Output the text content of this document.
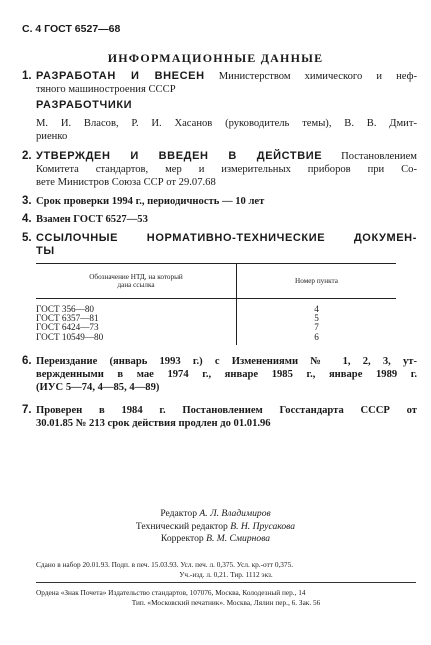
С. 4 ГОСТ 6527—68
ИНФОРМАЦИОННЫЕ ДАННЫЕ
1. РАЗРАБОТАН И ВНЕСЕН Министерством химического и неф-
тяного машиностроения СССР
РАЗРАБОТЧИКИ
М. И. Власов, Р. И. Хасанов (руководитель темы), В. В. Дмит-
риенко
2. УТВЕРЖДЕН И ВВЕДЕН В ДЕЙСТВИЕ Постановлением
Комитета стандартов, мер и измерительных приборов при Со-
вете Министров Союза ССР от 29.07.68
3. Срок проверки 1994 г., периодичность — 10 лет
4. Взамен ГОСТ 6527—53
5. ССЫЛОЧНЫЕ НОРМАТИВНО-ТЕХНИЧЕСКИЕ ДОКУМЕН-
ТЫ
Обозначение НТД, на который
дана ссылка	Номер пункта
ГОСТ 356—80	4
ГОСТ 6357—81	5
ГОСТ 6424—73	7
ГОСТ 10549—80	6
6. Переиздание (январь 1993 г.) с Изменениями № 1, 2, 3, ут-
вержденными в мае 1974 г., январе 1985 г., январе 1989 г.
(ИУС 5—74, 4—85, 4—89)
7. Проверен в 1984 г. Постановлением Госстандарта СССР от
30.01.85 № 213 срок действия продлен до 01.01.96
Редактор А. Л. Владимиров
Технический редактор В. Н. Прусакова
Корректор В. М. Смирнова
Сдано в набор 20.01.93. Подп. в печ. 15.03.93. Усл. печ. л. 0,375. Усл. кр.-отт 0,375.
Уч.-изд. л. 0,21. Тир. 1112 экз.
Ордена «Знак Почета» Издательство стандартов, 107076, Москва, Колодезный пер., 14
Тип. «Московский печатник». Москва, Лялин пер., 6. Зак. 56
